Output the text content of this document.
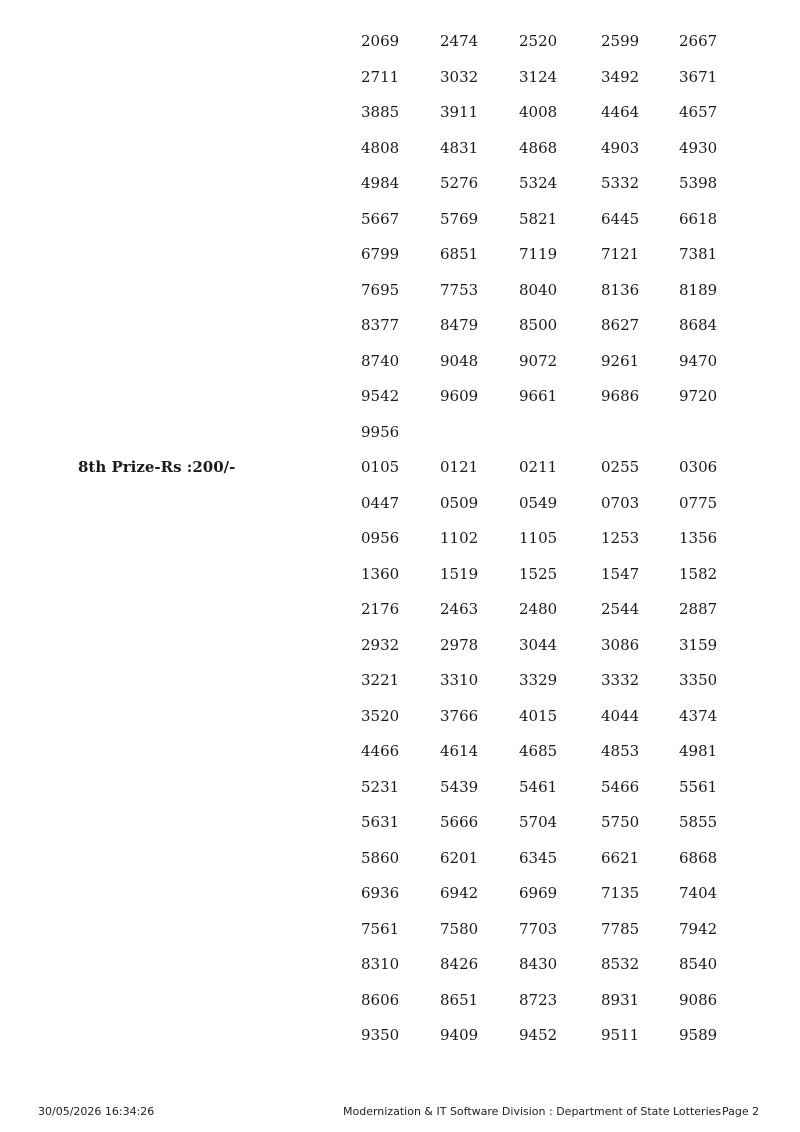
2069	2474	2520	2599	2667
2711	3032	3124	3492	3671
3885	3911	4008	4464	4657
4808	4831	4868	4903	4930
4984	5276	5324	5332	5398
5667	5769	5821	6445	6618
6799	6851	7119	7121	7381
7695	7753	8040	8136	8189
8377	8479	8500	8627	8684
8740	9048	9072	9261	9470
9542	9609	9661	9686	9720
9956
8th Prize-Rs :200/-	0105	0121	0211	0255	0306
0447	0509	0549	0703	0775
0956	1102	1105	1253	1356
1360	1519	1525	1547	1582
2176	2463	2480	2544	2887
2932	2978	3044	3086	3159
3221	3310	3329	3332	3350
3520	3766	4015	4044	4374
4466	4614	4685	4853	4981
5231	5439	5461	5466	5561
5631	5666	5704	5750	5855
5860	6201	6345	6621	6868
6936	6942	6969	7135	7404
7561	7580	7703	7785	7942
8310	8426	8430	8532	8540
8606	8651	8723	8931	9086
9350	9409	9452	9511	9589
30/05/2026 16:34:26	Modernization & IT Software Division : Department of State Lotteries Page 2
